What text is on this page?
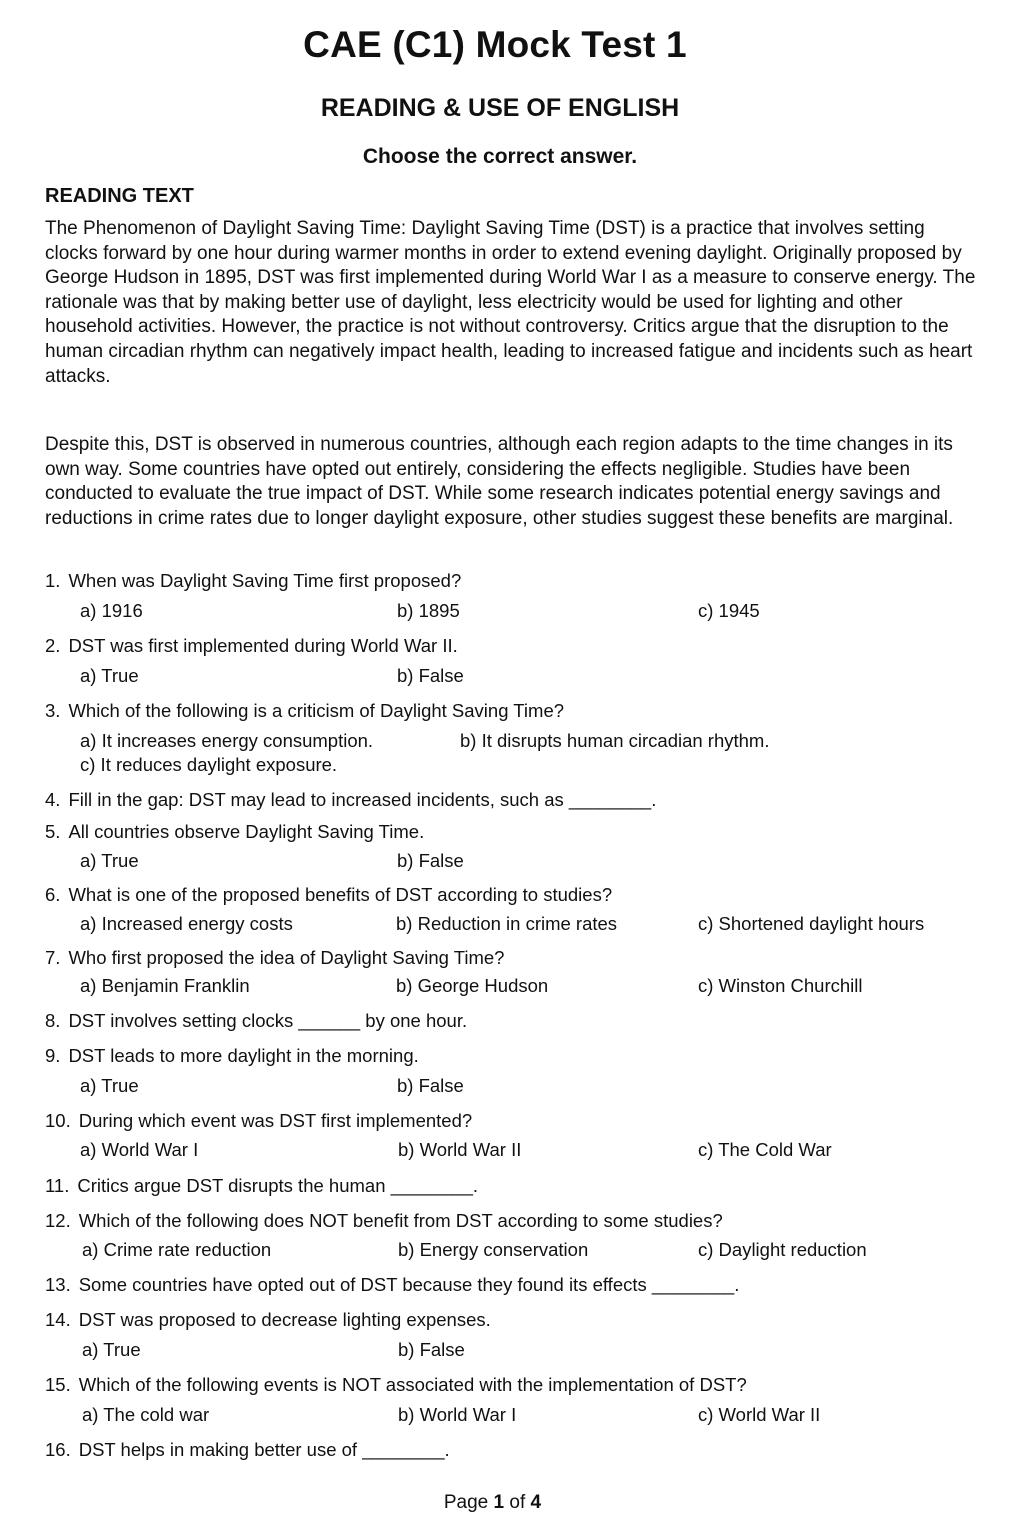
CAE (C1) Mock Test 1
READING & USE OF ENGLISH
Choose the correct answer.
READING TEXT

The Phenomenon of Daylight Saving Time: Daylight Saving Time (DST) is a practice that involves setting clocks forward by one hour during warmer months in order to extend evening daylight. Originally proposed by George Hudson in 1895, DST was first implemented during World War I as a measure to conserve energy. The rationale was that by making better use of daylight, less electricity would be used for lighting and other household activities. However, the practice is not without controversy. Critics argue that the disruption to the human circadian rhythm can negatively impact health, leading to increased fatigue and incidents such as heart attacks.

Despite this, DST is observed in numerous countries, although each region adapts to the time changes in its own way. Some countries have opted out entirely, considering the effects negligible. Studies have been conducted to evaluate the true impact of DST. While some research indicates potential energy savings and reductions in crime rates due to longer daylight exposure, other studies suggest these benefits are marginal.

1. When was Daylight Saving Time first proposed?
a) 1916	b) 1895	c) 1945
2. DST was first implemented during World War II.
a) True	b) False
3. Which of the following is a criticism of Daylight Saving Time?
a) It increases energy consumption.	b) It disrupts human circadian rhythm.
c) It reduces daylight exposure.
4. Fill in the gap: DST may lead to increased incidents, such as ________.
5. All countries observe Daylight Saving Time.
a) True	b) False
6. What is one of the proposed benefits of DST according to studies?
a) Increased energy costs	b) Reduction in crime rates	c) Shortened daylight hours
7. Who first proposed the idea of Daylight Saving Time?
a) Benjamin Franklin	b) George Hudson	c) Winston Churchill
8. DST involves setting clocks ______ by one hour.
9. DST leads to more daylight in the morning.
a) True	b) False
10. During which event was DST first implemented?
a) World War I	b) World War II	c) The Cold War
11. Critics argue DST disrupts the human ________.
12. Which of the following does NOT benefit from DST according to some studies?
a) Crime rate reduction	b) Energy conservation	c) Daylight reduction
13. Some countries have opted out of DST because they found its effects ________.
14. DST was proposed to decrease lighting expenses.
a) True	b) False
15. Which of the following events is NOT associated with the implementation of DST?
a) The cold war	b) World War I	c) World War II
16. DST helps in making better use of ________.
Page 1 of 4
